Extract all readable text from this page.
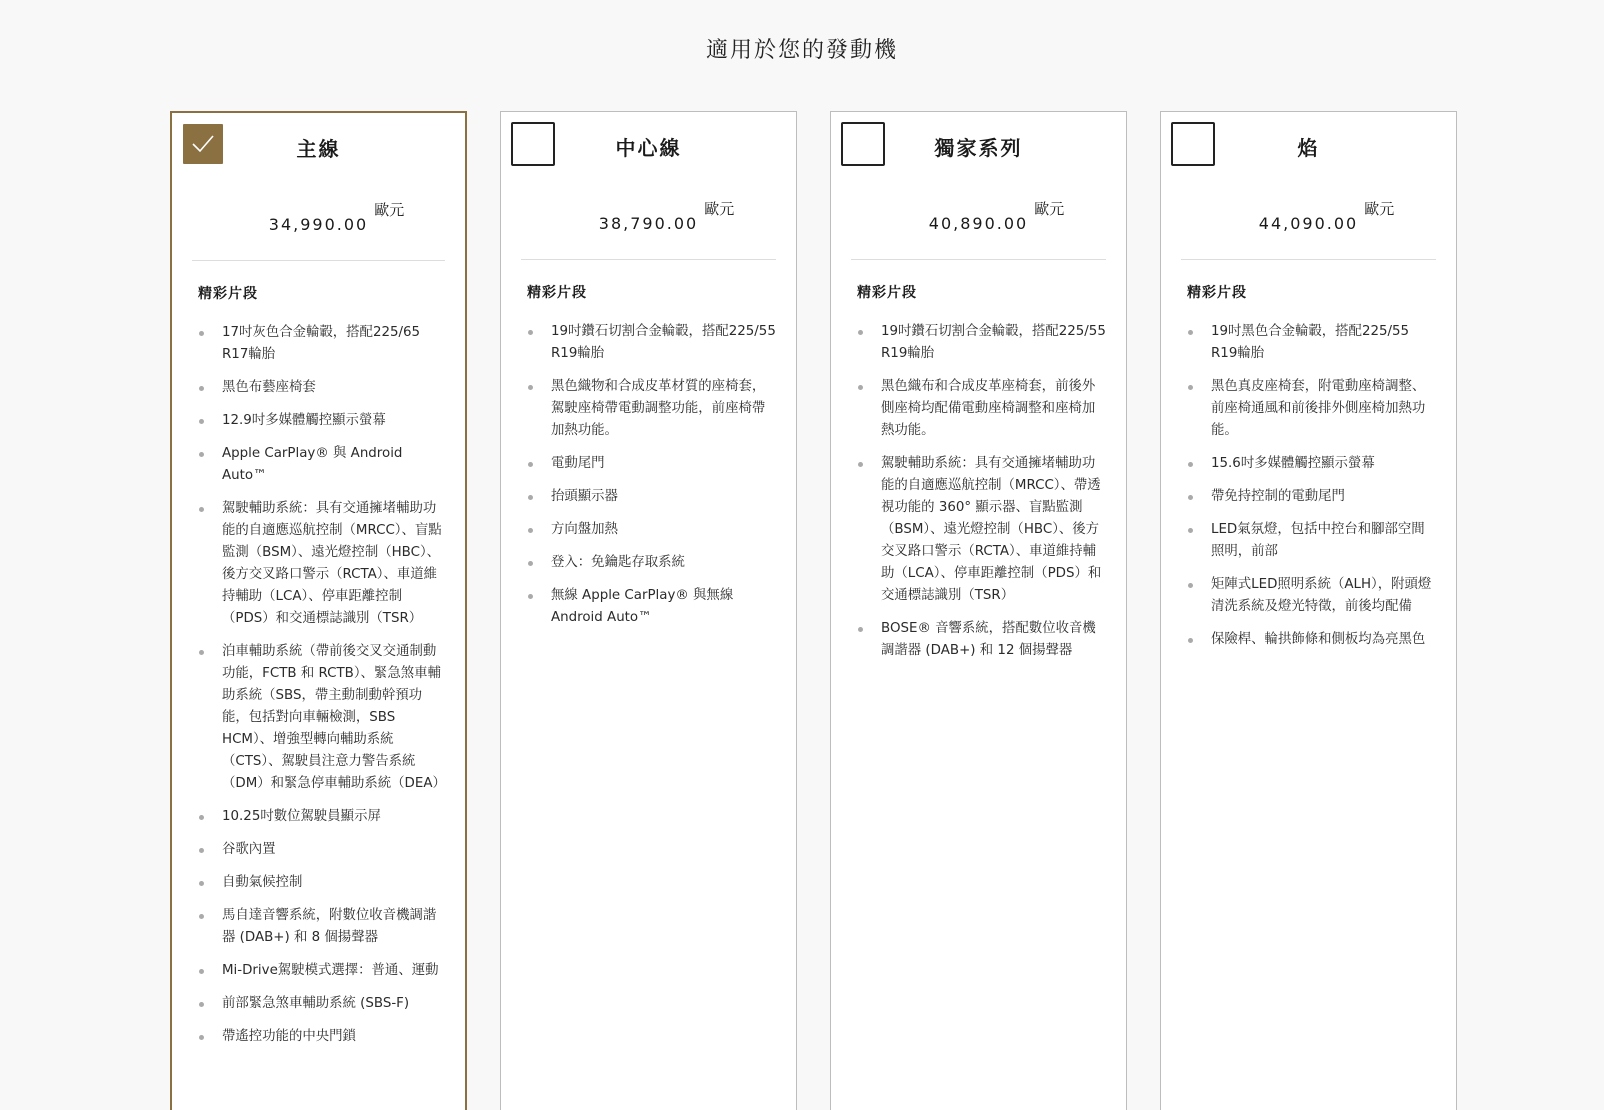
適用於您的發動機
主線
34,990.00
歐元
精彩片段
17吋灰色合金輪轂，搭配225/65 R17輪胎
黑色布藝座椅套
12.9吋多媒體觸控顯示螢幕
Apple CarPlay® 與 Android Auto™
駕駛輔助系統：具有交通擁堵輔助功能的自適應巡航控制（MRCC）、盲點監測（BSM）、遠光燈控制（HBC）、後方交叉路口警示（RCTA）、車道維持輔助（LCA）、停車距離控制（PDS）和交通標誌識別（TSR）
泊車輔助系統（帶前後交叉交通制動功能，FCTB 和 RCTB）、緊急煞車輔助系統（SBS，帶主動制動幹預功能，包括對向車輛檢測，SBS HCM）、增強型轉向輔助系統（CTS）、駕駛員注意力警告系統（DM）和緊急停車輔助系統（DEA）
10.25吋數位駕駛員顯示屏
谷歌內置
自動氣候控制
馬自達音響系統，附數位收音機調諧器 (DAB+) 和 8 個揚聲器
Mi-Drive駕駛模式選擇：普通、運動
前部緊急煞車輔助系統 (SBS-F)
帶遙控功能的中央門鎖
中心線
38,790.00
歐元
精彩片段
19吋鑽石切割合金輪轂，搭配225/55 R19輪胎
黑色織物和合成皮革材質的座椅套，駕駛座椅帶電動調整功能，前座椅帶加熱功能。
電動尾門
抬頭顯示器
方向盤加熱
登入：免鑰匙存取系統
無線 Apple CarPlay® 與無線 Android Auto™
獨家系列
40,890.00
歐元
精彩片段
19吋鑽石切割合金輪轂，搭配225/55 R19輪胎
黑色織布和合成皮革座椅套，前後外側座椅均配備電動座椅調整和座椅加熱功能。
駕駛輔助系統：具有交通擁堵輔助功能的自適應巡航控制（MRCC）、帶透視功能的 360° 顯示器、盲點監測（BSM）、遠光燈控制（HBC）、後方交叉路口警示（RCTA）、車道維持輔助（LCA）、停車距離控制（PDS）和交通標誌識別（TSR）
BOSE® 音響系統，搭配數位收音機調諧器 (DAB+) 和 12 個揚聲器
焰
44,090.00
歐元
精彩片段
19吋黑色合金輪轂，搭配225/55 R19輪胎
黑色真皮座椅套，附電動座椅調整、前座椅通風和前後排外側座椅加熱功能。
15.6吋多媒體觸控顯示螢幕
帶免持控制的電動尾門
LED氣氛燈，包括中控台和腳部空間照明，前部
矩陣式LED照明系統（ALH），附頭燈清洗系統及燈光特徵，前後均配備
保險桿、輪拱飾條和側板均為亮黑色
